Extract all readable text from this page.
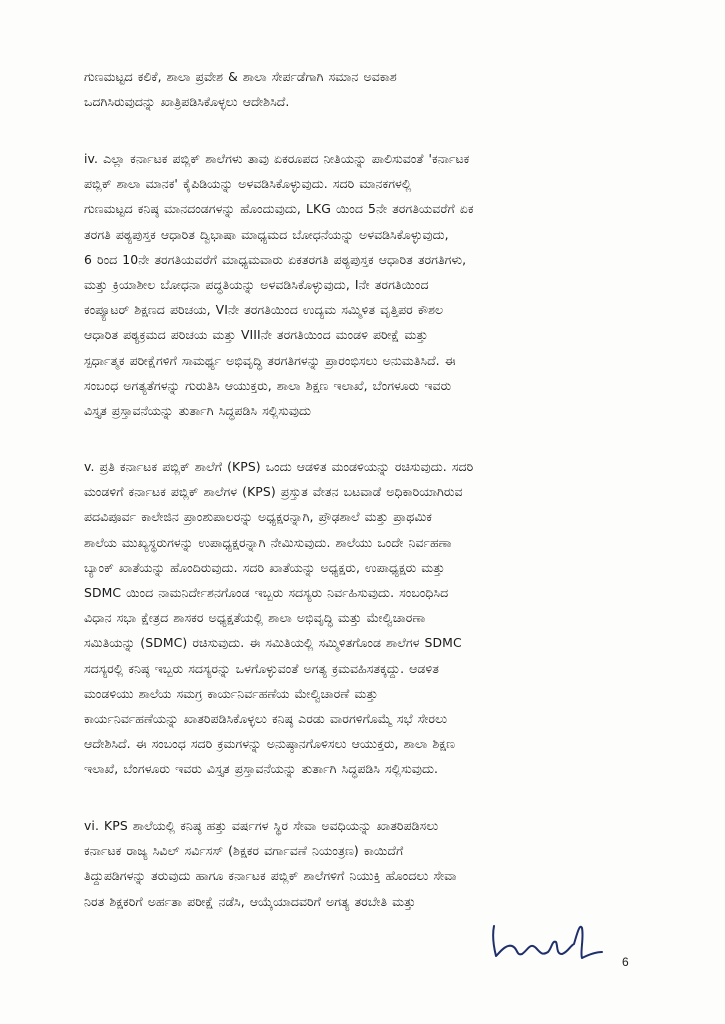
ಗುಣಮಟ್ಟದ ಕಲಿಕೆ, ಶಾಲಾ ಪ್ರವೇಶ & ಶಾಲಾ ಸೇರ್ಪಡೆಗಾಗಿ ಸಮಾನ ಅವಕಾಶ
ಒದಗಿಸಿರುವುದನ್ನು ಖಾತ್ರಿಪಡಿಸಿಕೊಳ್ಳಲು ಆದೇಶಿಸಿದೆ.
iv. ಎಲ್ಲಾ ಕರ್ನಾಟಕ ಪಬ್ಲಿಕ್ ಶಾಲೆಗಳು ತಾವು ಏಕರೂಪದ ನೀತಿಯನ್ನು ಪಾಲಿಸುವಂತೆ 'ಕರ್ನಾಟಕ
ಪಬ್ಲಿಕ್ ಶಾಲಾ ಮಾನಕ' ಕೈಪಿಡಿಯನ್ನು ಅಳವಡಿಸಿಕೊಳ್ಳುವುದು. ಸದರಿ ಮಾನಕಗಳಲ್ಲಿ
ಗುಣಮಟ್ಟದ ಕನಿಷ್ಠ ಮಾನದಂಡಗಳನ್ನು ಹೊಂದುವುದು, LKG ಯಿಂದ 5ನೇ ತರಗತಿಯವರೆಗೆ ಏಕ
ತರಗತಿ ಪಠ್ಯಪುಸ್ತಕ ಆಧಾರಿತ ದ್ವಿಭಾಷಾ ಮಾಧ್ಯಮದ ಬೋಧನೆಯನ್ನು ಅಳವಡಿಸಿಕೊಳ್ಳುವುದು,
6 ರಿಂದ 10ನೇ ತರಗತಿಯವರೆಗೆ ಮಾಧ್ಯಮವಾರು ಏಕತರಗತಿ ಪಠ್ಯಪುಸ್ತಕ ಆಧಾರಿತ ತರಗತಿಗಳು,
ಮತ್ತು ಕ್ರಿಯಾಶೀಲ ಬೋಧನಾ ಪದ್ಧತಿಯನ್ನು ಅಳವಡಿಸಿಕೊಳ್ಳುವುದು, Iನೇ ತರಗತಿಯಿಂದ
ಕಂಪ್ಯೂಟರ್ ಶಿಕ್ಷಣದ ಪರಿಚಯ, VIನೇ ತರಗತಿಯಿಂದ ಉದ್ಯಮ ಸಮ್ಮಿಳಿತ ವೃತ್ತಿಪರ ಕೌಶಲ
ಆಧಾರಿತ ಪಠ್ಯಕ್ರಮದ ಪರಿಚಯ ಮತ್ತು VIIIನೇ ತರಗತಿಯಿಂದ ಮಂಡಳಿ ಪರೀಕ್ಷೆ ಮತ್ತು
ಸ್ಪರ್ಧಾತ್ಮಕ ಪರೀಕ್ಷೆಗಳಿಗೆ ಸಾಮರ್ಥ್ಯ ಅಭಿವೃದ್ಧಿ ತರಗತಿಗಳನ್ನು ಪ್ರಾರಂಭಿಸಲು ಅನುಮತಿಸಿದೆ. ಈ
ಸಂಬಂಧ ಅಗತ್ಯತೆಗಳನ್ನು ಗುರುತಿಸಿ ಆಯುಕ್ತರು, ಶಾಲಾ ಶಿಕ್ಷಣ ಇಲಾಖೆ, ಬೆಂಗಳೂರು ಇವರು
ವಿಸ್ತೃತ ಪ್ರಸ್ತಾವನೆಯನ್ನು ತುರ್ತಾಗಿ ಸಿದ್ಧಪಡಿಸಿ ಸಲ್ಲಿಸುವುದು
v. ಪ್ರತಿ ಕರ್ನಾಟಕ ಪಬ್ಲಿಕ್ ಶಾಲೆಗೆ (KPS) ಒಂದು ಆಡಳಿತ ಮಂಡಳಿಯನ್ನು ರಚಿಸುವುದು. ಸದರಿ
ಮಂಡಳಿಗೆ ಕರ್ನಾಟಕ ಪಬ್ಲಿಕ್ ಶಾಲೆಗಳ (KPS) ಪ್ರಸ್ತುತ ವೇತನ ಬಟವಾಡೆ ಅಧಿಕಾರಿಯಾಗಿರುವ
ಪದವಿಪೂರ್ವ ಕಾಲೇಜಿನ ಪ್ರಾಂಶುಪಾಲರನ್ನು ಅಧ್ಯಕ್ಷರನ್ನಾಗಿ, ಪ್ರೌಢಶಾಲೆ ಮತ್ತು ಪ್ರಾಥಮಿಕ
ಶಾಲೆಯ ಮುಖ್ಯಸ್ಥರುಗಳನ್ನು ಉಪಾಧ್ಯಕ್ಷರನ್ನಾಗಿ ನೇಮಿಸುವುದು. ಶಾಲೆಯು ಒಂದೇ ನಿರ್ವಹಣಾ
ಬ್ಯಾಂಕ್ ಖಾತೆಯನ್ನು ಹೊಂದಿರುವುದು. ಸದರಿ ಖಾತೆಯನ್ನು ಅಧ್ಯಕ್ಷರು, ಉಪಾಧ್ಯಕ್ಷರು ಮತ್ತು
SDMC ಯಿಂದ ನಾಮನಿರ್ದೇಶನಗೊಂಡ ಇಬ್ಬರು ಸದಸ್ಯರು ನಿರ್ವಹಿಸುವುದು. ಸಂಬಂಧಿಸಿದ
ವಿಧಾನ ಸಭಾ ಕ್ಷೇತ್ರದ ಶಾಸಕರ ಅಧ್ಯಕ್ಷತೆಯಲ್ಲಿ ಶಾಲಾ ಅಭಿವೃದ್ಧಿ ಮತ್ತು ಮೇಲ್ವಿಚಾರಣಾ
ಸಮಿತಿಯನ್ನು (SDMC) ರಚಿಸುವುದು. ಈ ಸಮಿತಿಯಲ್ಲಿ ಸಮ್ಮಿಳಿತಗೊಂಡ ಶಾಲೆಗಳ SDMC
ಸದಸ್ಯರಲ್ಲಿ ಕನಿಷ್ಠ ಇಬ್ಬರು ಸದಸ್ಯರನ್ನು ಒಳಗೊಳ್ಳುವಂತೆ ಅಗತ್ಯ ಕ್ರಮವಹಿಸತಕ್ಕದ್ದು. ಆಡಳಿತ
ಮಂಡಳಿಯು ಶಾಲೆಯ ಸಮಗ್ರ ಕಾರ್ಯನಿರ್ವಹಣೆಯ ಮೇಲ್ವಿಚಾರಣೆ ಮತ್ತು
ಕಾರ್ಯನಿರ್ವಹಣೆಯನ್ನು ಖಾತರಿಪಡಿಸಿಕೊಳ್ಳಲು ಕನಿಷ್ಠ ಎರಡು ವಾರಗಳಿಗೊಮ್ಮೆ ಸಭೆ ಸೇರಲು
ಆದೇಶಿಸಿದೆ. ಈ ಸಂಬಂಧ ಸದರಿ ಕ್ರಮಗಳನ್ನು ಅನುಷ್ಠಾನಗೊಳಿಸಲು ಆಯುಕ್ತರು, ಶಾಲಾ ಶಿಕ್ಷಣ
ಇಲಾಖೆ, ಬೆಂಗಳೂರು ಇವರು ವಿಸ್ತೃತ ಪ್ರಸ್ತಾವನೆಯನ್ನು ತುರ್ತಾಗಿ ಸಿದ್ಧಪಡಿಸಿ ಸಲ್ಲಿಸುವುದು.
vi. KPS ಶಾಲೆಯಲ್ಲಿ ಕನಿಷ್ಠ ಹತ್ತು ವರ್ಷಗಳ ಸ್ಥಿರ ಸೇವಾ ಅವಧಿಯನ್ನು ಖಾತರಿಪಡಿಸಲು
ಕರ್ನಾಟಕ ರಾಜ್ಯ ಸಿವಿಲ್ ಸರ್ವಿಸಸ್ (ಶಿಕ್ಷಕರ ವರ್ಗಾವಣೆ ನಿಯಂತ್ರಣ) ಕಾಯಿದೆಗೆ
ತಿದ್ದುಪಡಿಗಳನ್ನು ತರುವುದು ಹಾಗೂ ಕರ್ನಾಟಕ ಪಬ್ಲಿಕ್ ಶಾಲೆಗಳಿಗೆ ನಿಯುಕ್ತಿ ಹೊಂದಲು ಸೇವಾ
ನಿರತ ಶಿಕ್ಷಕರಿಗೆ ಅರ್ಹತಾ ಪರೀಕ್ಷೆ ನಡೆಸಿ, ಆಯ್ಕೆಯಾದವರಿಗೆ ಅಗತ್ಯ ತರಬೇತಿ ಮತ್ತು
6
